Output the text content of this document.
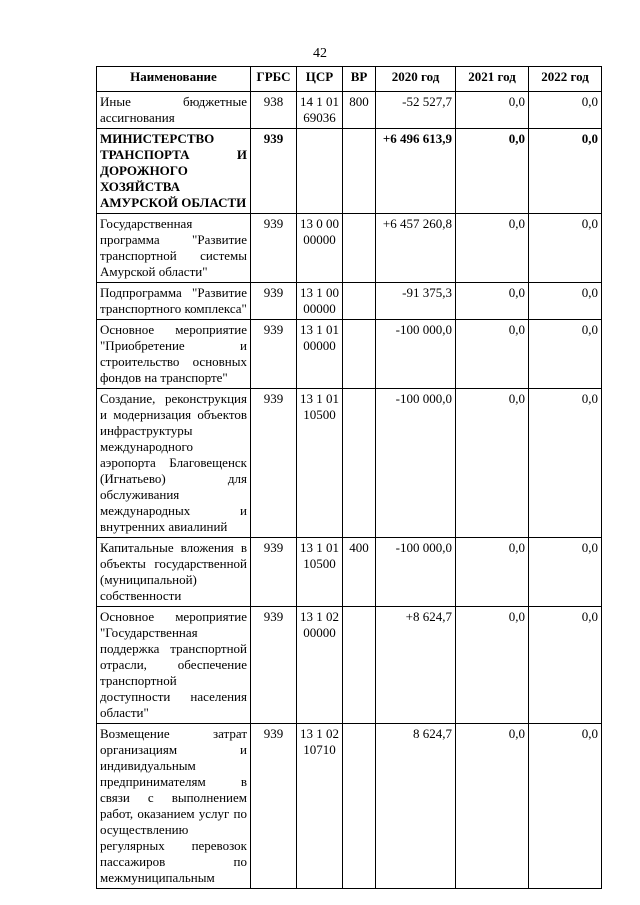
42
Наименование	ГРБС	ЦСР	ВР	2020 год	2021 год	2022 год
Иные бюджетные ассигнования	938	14 1 01 69036	800	-52 527,7	0,0	0,0
МИНИСТЕРСТВО ТРАНСПОРТА И ДОРОЖНОГО ХОЗЯЙСТВА АМУРСКОЙ ОБЛАСТИ	939			+6 496 613,9	0,0	0,0
Государственная программа "Развитие транспортной системы Амурской области"	939	13 0 00 00000		+6 457 260,8	0,0	0,0
Подпрограмма "Развитие транспортного комплекса"	939	13 1 00 00000		-91 375,3	0,0	0,0
Основное мероприятие "Приобретение и строительство основных фондов на транспорте"	939	13 1 01 00000		-100 000,0	0,0	0,0
Создание, реконструкция и модернизация объектов инфраструктуры международного аэропорта Благовещенск (Игнатьево) для обслуживания международных и внутренних авиалиний	939	13 1 01 10500		-100 000,0	0,0	0,0
Капитальные вложения в объекты государственной (муниципальной) собственности	939	13 1 01 10500	400	-100 000,0	0,0	0,0
Основное мероприятие "Государственная поддержка транспортной отрасли, обеспечение транспортной доступности населения области"	939	13 1 02 00000		+8 624,7	0,0	0,0
Возмещение затрат организациям и индивидуальным предпринимателям в связи с выполнением работ, оказанием услуг по осуществлению регулярных перевозок пассажиров по межмуниципальным	939	13 1 02 10710		8 624,7	0,0	0,0
